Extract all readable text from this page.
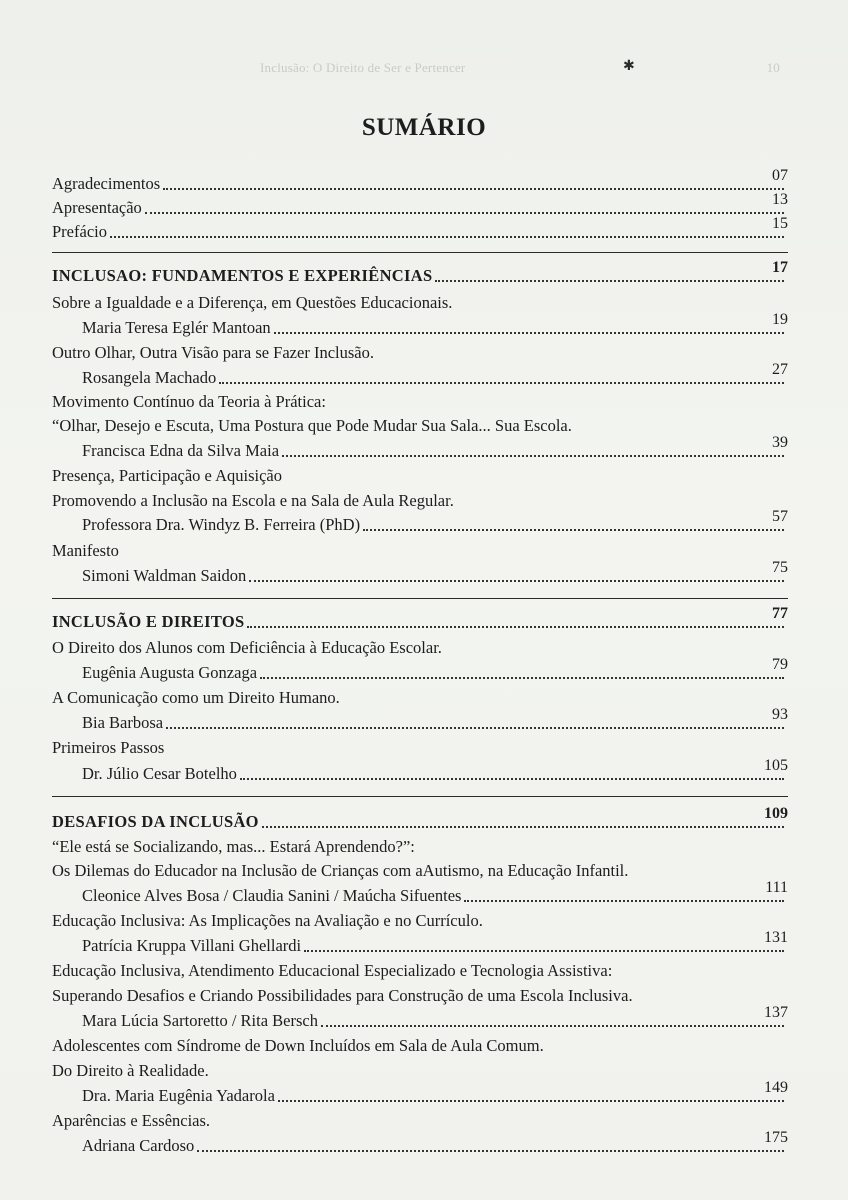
Inclusão: O Direito de Ser e Pertencer	10
✱
SUMÁRIO
Agradecimentos	07
Apresentação	13
Prefácio	15
INCLUSAO: FUNDAMENTOS E EXPERIÊNCIAS	17
Sobre a Igualdade e a Diferença, em Questões Educacionais.
Maria Teresa Eglér Mantoan	19
Outro Olhar, Outra Visão para se Fazer Inclusão.
Rosangela Machado	27
Movimento Contínuo da Teoria à Prática:
“Olhar, Desejo e Escuta, Uma Postura que Pode Mudar Sua Sala... Sua Escola.
Francisca Edna da Silva Maia	39
Presença, Participação e Aquisição
Promovendo a Inclusão na Escola e na Sala de Aula Regular.
Professora Dra. Windyz B. Ferreira (PhD)	57
Manifesto
Simoni Waldman Saidon	75
INCLUSÃO E DIREITOS	77
O Direito dos Alunos com Deficiência à Educação Escolar.
Eugênia Augusta Gonzaga	79
A Comunicação como um Direito Humano.
Bia Barbosa	93
Primeiros Passos
Dr. Júlio Cesar Botelho	105
DESAFIOS DA INCLUSÃO	109
“Ele está se Socializando, mas... Estará Aprendendo?”:
Os Dilemas do Educador na Inclusão de Crianças com aAutismo, na Educação Infantil.
Cleonice Alves Bosa / Claudia Sanini / Maúcha Sifuentes	111
Educação Inclusiva: As Implicações na Avaliação e no Currículo.
Patrícia Kruppa Villani Ghellardi	131
Educação Inclusiva, Atendimento Educacional Especializado e Tecnologia Assistiva:
Superando Desafios e Criando Possibilidades para Construção de uma Escola Inclusiva.
Mara Lúcia Sartoretto / Rita Bersch	137
Adolescentes com Síndrome de Down Incluídos em Sala de Aula Comum.
Do Direito à Realidade.
Dra. Maria Eugênia Yadarola	149
Aparências e Essências.
Adriana Cardoso	175
